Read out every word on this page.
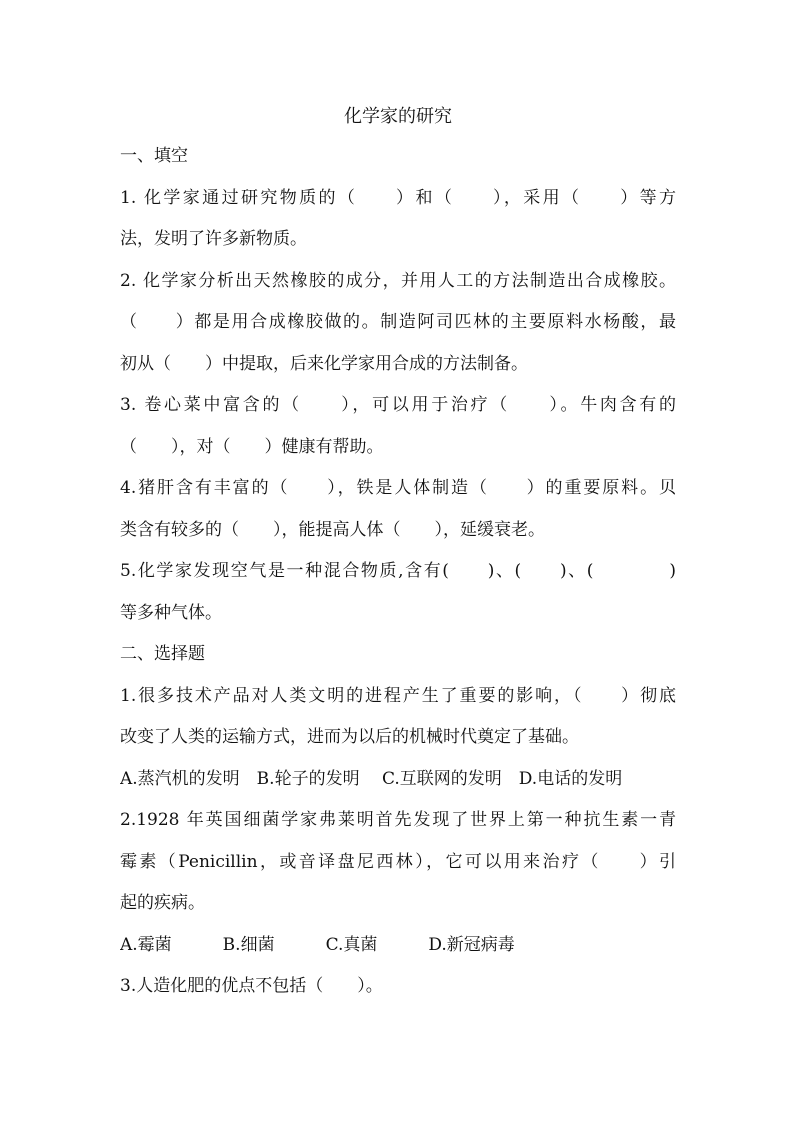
化学家的研究
一、填空
1. 化学家通过研究物质的（　　）和（　　），采用（　　）等方
法，发明了许多新物质。
2. 化学家分析出天然橡胶的成分，并用人工的方法制造出合成橡胶。
（　　）都是用合成橡胶做的。制造阿司匹林的主要原料水杨酸，最
初从（　　）中提取，后来化学家用合成的方法制备。
3. 卷心菜中富含的（　　），可以用于治疗（　　）。牛肉含有的
（　　），对（　　）健康有帮助。
4.猪肝含有丰富的（　　），铁是人体制造（　　）的重要原料。贝
类含有较多的（　　），能提高人体（　　），延缓衰老。
5.化学家发现空气是一种混合物质,含有(　　)、(　　)、(　　　　)
等多种气体。
二、选择题
1.很多技术产品对人类文明的进程产生了重要的影响，（　　）彻底
改变了人类的运输方式，进而为以后的机械时代奠定了基础。
A.蒸汽机的发明　B.轮子的发明　 C.互联网的发明　D.电话的发明
2.1928 年英国细菌学家弗莱明首先发现了世界上第一种抗生素一青
霉素（Penicillin，或音译盘尼西林），它可以用来治疗（　　）引
起的疾病。
A.霉菌　　　B.细菌　　　C.真菌　　　D.新冠病毒
3.人造化肥的优点不包括（　　）。
